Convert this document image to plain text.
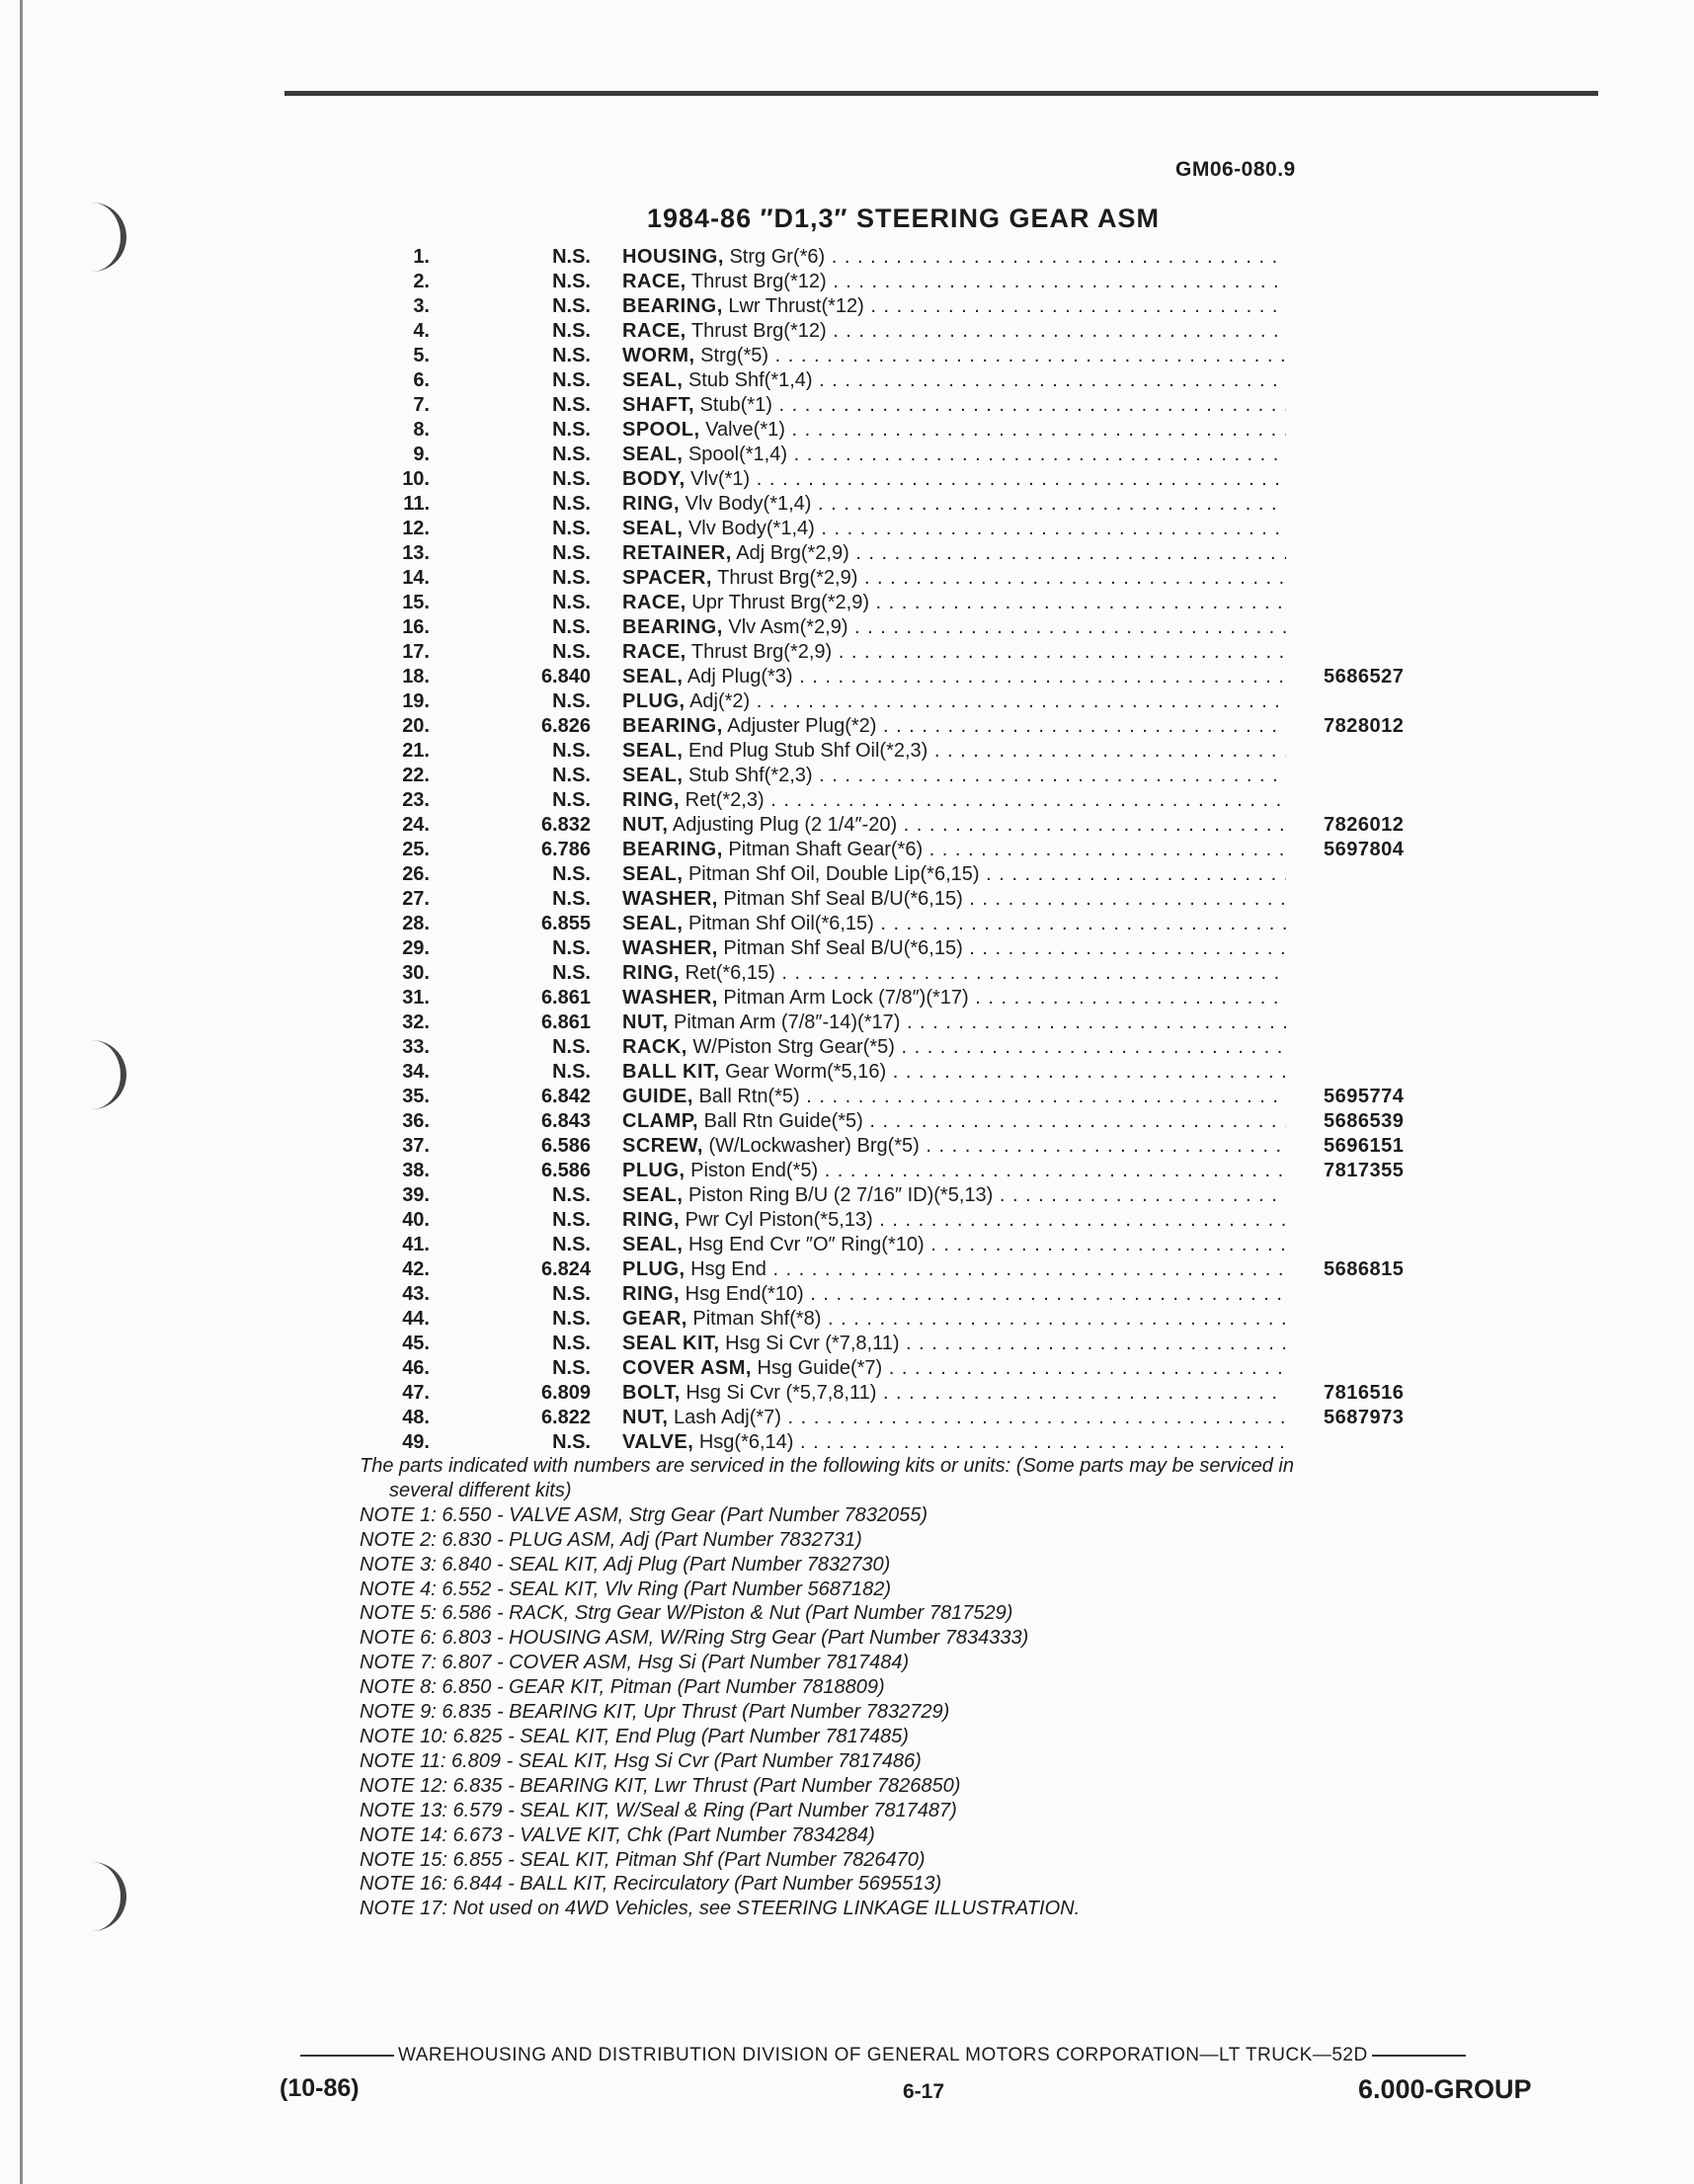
GM06-080.9
1984-86 ″D1,3″ STEERING GEAR ASM
1.	N.S. HOUSING, Strg Gr(*6) . . .
2.	N.S. RACE, Thrust Brg(*12) . . .
3.	N.S. BEARING, Lwr Thrust(*12) . . .
4.	N.S. RACE, Thrust Brg(*12) . . .
5.	N.S. WORM, Strg(*5) . . .
6.	N.S. SEAL, Stub Shf(*1,4) . . .
7.	N.S. SHAFT, Stub(*1) . . .
8.	N.S. SPOOL, Valve(*1) . . .
9.	N.S. SEAL, Spool(*1,4) . . .
10.	N.S. BODY, Vlv(*1) . . .
11.	N.S. RING, Vlv Body(*1,4) . . .
12.	N.S. SEAL, Vlv Body(*1,4) . . .
13.	N.S. RETAINER, Adj Brg(*2,9) . . .
14.	N.S. SPACER, Thrust Brg(*2,9) . . .
15.	N.S. RACE, Upr Thrust Brg(*2,9) . . .
16.	N.S. BEARING, Vlv Asm(*2,9) . . .
17.	N.S. RACE, Thrust Brg(*2,9) . . .
18.	6.840 SEAL, Adj Plug(*3) . . .	5686527
19.	N.S. PLUG, Adj(*2) . . .
20.	6.826 BEARING, Adjuster Plug(*2) . . .	7828012
21.	N.S. SEAL, End Plug Stub Shf Oil(*2,3) . . .
22.	N.S. SEAL, Stub Shf(*2,3) . . .
23.	N.S. RING, Ret(*2,3) . . .
24.	6.832 NUT, Adjusting Plug (2 1/4″-20) . . .	7826012
25.	6.786 BEARING, Pitman Shaft Gear(*6) . . .	5697804
26.	N.S. SEAL, Pitman Shf Oil, Double Lip(*6,15) . . .
27.	N.S. WASHER, Pitman Shf Seal B/U(*6,15) . . .
28.	6.855 SEAL, Pitman Shf Oil(*6,15) . . .
29.	N.S. WASHER, Pitman Shf Seal B/U(*6,15) . . .
30.	N.S. RING, Ret(*6,15) . . .
31.	6.861 WASHER, Pitman Arm Lock (7/8″)(*17) . . .
32.	6.861 NUT, Pitman Arm (7/8″-14)(*17) . . .
33.	N.S. RACK, W/Piston Strg Gear(*5) . . .
34.	N.S. BALL KIT, Gear Worm(*5,16) . . .
35.	6.842 GUIDE, Ball Rtn(*5) . . .	5695774
36.	6.843 CLAMP, Ball Rtn Guide(*5) . . .	5686539
37.	6.586 SCREW, (W/Lockwasher) Brg(*5) . . .	5696151
38.	6.586 PLUG, Piston End(*5) . . .	7817355
39.	N.S. SEAL, Piston Ring B/U (2 7/16″ ID)(*5,13) . . .
40.	N.S. RING, Pwr Cyl Piston(*5,13) . . .
41.	N.S. SEAL, Hsg End Cvr ″O″ Ring(*10) . . .
42.	6.824 PLUG, Hsg End . . .	5686815
43.	N.S. RING, Hsg End(*10) . . .
44.	N.S. GEAR, Pitman Shf(*8) . . .
45.	N.S. SEAL KIT, Hsg Si Cvr (*7,8,11) . . .
46.	N.S. COVER ASM, Hsg Guide(*7) . . .
47.	6.809 BOLT, Hsg Si Cvr (*5,7,8,11) . . .	7816516
48.	6.822 NUT, Lash Adj(*7) . . .	5687973
49.	N.S. VALVE, Hsg(*6,14) . . .
The parts indicated with numbers are serviced in the following kits or units: (Some parts may be serviced in
several different kits)
NOTE 1: 6.550 - VALVE ASM, Strg Gear (Part Number 7832055)
NOTE 2: 6.830 - PLUG ASM, Adj (Part Number 7832731)
NOTE 3: 6.840 - SEAL KIT, Adj Plug (Part Number 7832730)
NOTE 4: 6.552 - SEAL KIT, Vlv Ring (Part Number 5687182)
NOTE 5: 6.586 - RACK, Strg Gear W/Piston & Nut (Part Number 7817529)
NOTE 6: 6.803 - HOUSING ASM, W/Ring Strg Gear (Part Number 7834333)
NOTE 7: 6.807 - COVER ASM, Hsg Si (Part Number 7817484)
NOTE 8: 6.850 - GEAR KIT, Pitman (Part Number 7818809)
NOTE 9: 6.835 - BEARING KIT, Upr Thrust (Part Number 7832729)
NOTE 10: 6.825 - SEAL KIT, End Plug (Part Number 7817485)
NOTE 11: 6.809 - SEAL KIT, Hsg Si Cvr (Part Number 7817486)
NOTE 12: 6.835 - BEARING KIT, Lwr Thrust (Part Number 7826850)
NOTE 13: 6.579 - SEAL KIT, W/Seal & Ring (Part Number 7817487)
NOTE 14: 6.673 - VALVE KIT, Chk (Part Number 7834284)
NOTE 15: 6.855 - SEAL KIT, Pitman Shf (Part Number 7826470)
NOTE 16: 6.844 - BALL KIT, Recirculatory (Part Number 5695513)
NOTE 17: Not used on 4WD Vehicles, see STEERING LINKAGE ILLUSTRATION.
WAREHOUSING AND DISTRIBUTION DIVISION OF GENERAL MOTORS CORPORATION—LT TRUCK—52D
(10-86)	6-17	6.000-GROUP
